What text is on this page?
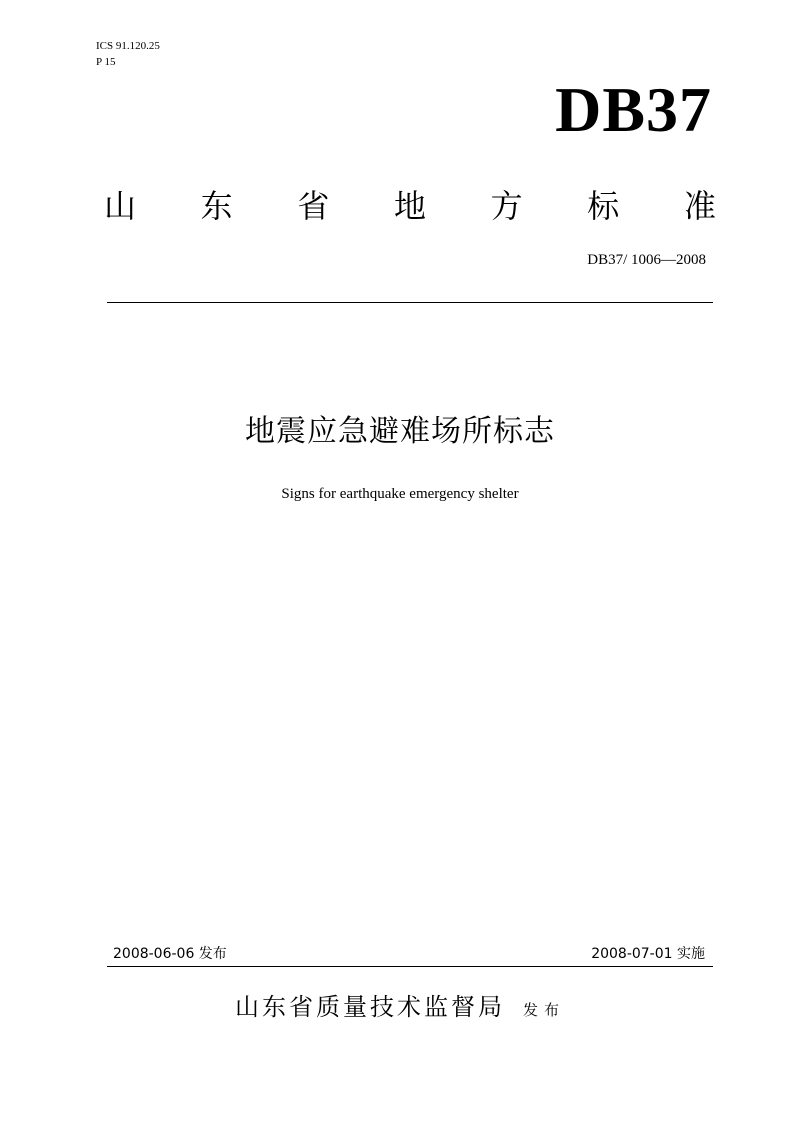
ICS 91.120.25
P 15
DB37
山 东 省 地 方 标 准
DB37/ 1006—2008
地震应急避难场所标志
Signs for earthquake emergency shelter
2008-06-06 发布	2008-07-01 实施
山东省质量技术监督局 发布
